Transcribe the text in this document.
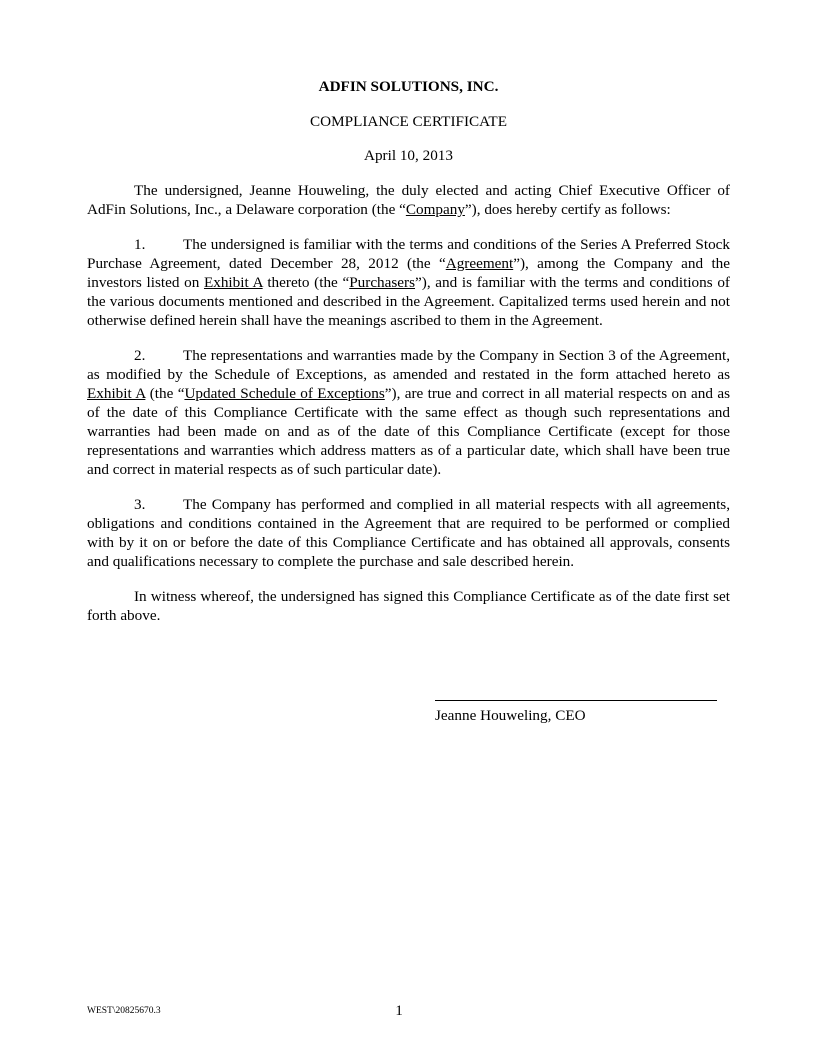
ADFIN SOLUTIONS, INC.

COMPLIANCE CERTIFICATE

April 10, 2013

The undersigned, Jeanne Houweling, the duly elected and acting Chief Executive Officer of AdFin Solutions, Inc., a Delaware corporation (the “Company”), does hereby certify as follows:

1. The undersigned is familiar with the terms and conditions of the Series A Preferred Stock Purchase Agreement, dated December 28, 2012 (the “Agreement”), among the Company and the investors listed on Exhibit A thereto (the “Purchasers”), and is familiar with the terms and conditions of the various documents mentioned and described in the Agreement. Capitalized terms used herein and not otherwise defined herein shall have the meanings ascribed to them in the Agreement.

2. The representations and warranties made by the Company in Section 3 of the Agreement, as modified by the Schedule of Exceptions, as amended and restated in the form attached hereto as Exhibit A (the “Updated Schedule of Exceptions”), are true and correct in all material respects on and as of the date of this Compliance Certificate with the same effect as though such representations and warranties had been made on and as of the date of this Compliance Certificate (except for those representations and warranties which address matters as of a particular date, which shall have been true and correct in material respects as of such particular date).

3. The Company has performed and complied in all material respects with all agreements, obligations and conditions contained in the Agreement that are required to be performed or complied with by it on or before the date of this Compliance Certificate and has obtained all approvals, consents and qualifications necessary to complete the purchase and sale described herein.

In witness whereof, the undersigned has signed this Compliance Certificate as of the date first set forth above.

Jeanne Houweling, CEO
WEST\20825670.3	1
